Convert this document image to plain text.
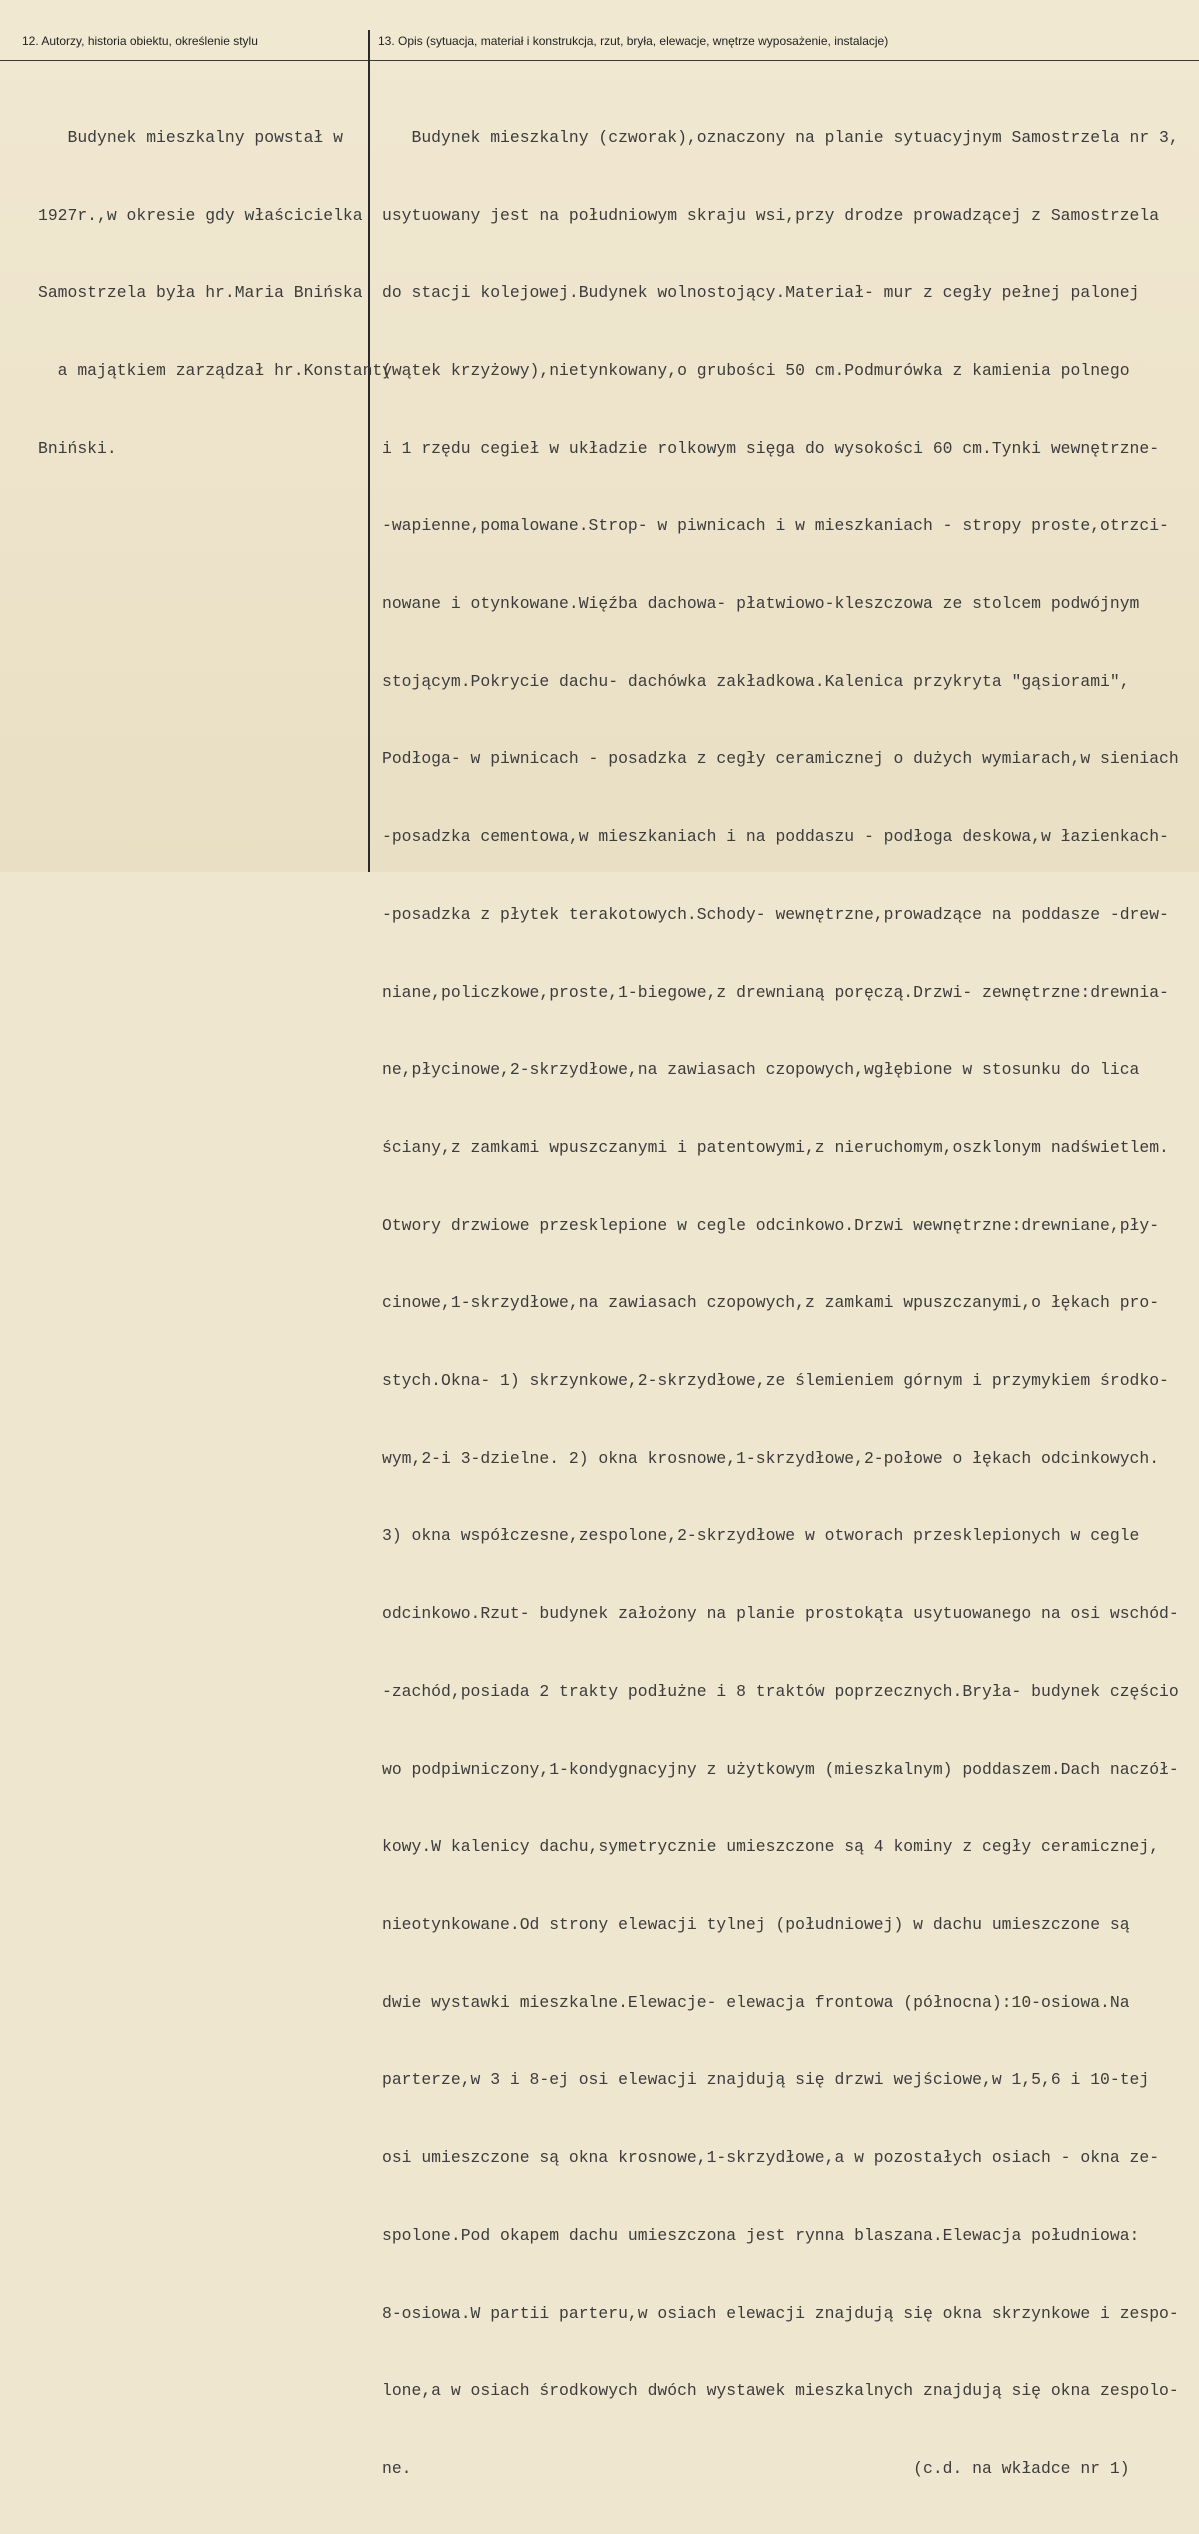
12. Autorzy, historia obiektu, określenie stylu	13. Opis (sytuacja, materiał i konstrukcja, rzut, bryła, elewacje, wnętrze wyposażenie, instalacje)

Budynek mieszkalny powstał w

1927r.,w okresie gdy właścicielka

Samostrzela była hr.Maria Bnińska

a majątkiem zarządzał hr.Konstanty

Bniński.

Budynek mieszkalny (czworak),oznaczony na planie sytuacyjnym Samostrzela nr 3,

usytuowany jest na południowym skraju wsi,przy drodze prowadzącej z Samostrzela

do stacji kolejowej.Budynek wolnostojący.Materiał- mur z cegły pełnej palonej

(wątek krzyżowy),nietynkowany,o grubości 50 cm.Podmurówka z kamienia polnego

i 1 rzędu cegieł w układzie rolkowym sięga do wysokości 60 cm.Tynki wewnętrzne-

-wapienne,pomalowane.Strop- w piwnicach i w mieszkaniach - stropy proste,otrzci-

nowane i otynkowane.Więźba dachowa- płatwiowo-kleszczowa ze stolcem podwójnym

stojącym.Pokrycie dachu- dachówka zakładkowa.Kalenica przykryta "gąsiorami",

Podłoga- w piwnicach - posadzka z cegły ceramicznej o dużych wymiarach,w sieniach

-posadzka cementowa,w mieszkaniach i na poddaszu - podłoga deskowa,w łazienkach-

-posadzka z płytek terakotowych.Schody- wewnętrzne,prowadzące na poddasze -drew-

niane,policzkowe,proste,1-biegowe,z drewnianą poręczą.Drzwi- zewnętrzne:drewnia-

ne,płycinowe,2-skrzydłowe,na zawiasach czopowych,wgłębione w stosunku do lica

ściany,z zamkami wpuszczanymi i patentowymi,z nieruchomym,oszklonym nadświetlem.

Otwory drzwiowe przesklepione w cegle odcinkowo.Drzwi wewnętrzne:drewniane,pły-

cinowe,1-skrzydłowe,na zawiasach czopowych,z zamkami wpuszczanymi,o łękach pro-

stych.Okna- 1) skrzynkowe,2-skrzydłowe,ze ślemieniem górnym i przymykiem środko-

wym,2-i 3-dzielne. 2) okna krosnowe,1-skrzydłowe,2-połowe o łękach odcinkowych.

3) okna współczesne,zespolone,2-skrzydłowe w otworach przesklepionych w cegle

odcinkowo.Rzut- budynek założony na planie prostokąta usytuowanego na osi wschód-

-zachód,posiada 2 trakty podłużne i 8 traktów poprzecznych.Bryła- budynek częścio

wo podpiwniczony,1-kondygnacyjny z użytkowym (mieszkalnym) poddaszem.Dach naczół-

kowy.W kalenicy dachu,symetrycznie umieszczone są 4 kominy z cegły ceramicznej,

nieotynkowane.Od strony elewacji tylnej (południowej) w dachu umieszczone są

dwie wystawki mieszkalne.Elewacje- elewacja frontowa (północna):10-osiowa.Na

parterze,w 3 i 8-ej osi elewacji znajdują się drzwi wejściowe,w 1,5,6 i 10-tej

osi umieszczone są okna krosnowe,1-skrzydłowe,a w pozostałych osiach - okna ze-

spolone.Pod okapem dachu umieszczona jest rynna blaszana.Elewacja południowa:

8-osiowa.W partii parteru,w osiach elewacji znajdują się okna skrzynkowe i zespo-

lone,a w osiach środkowych dwóch wystawek mieszkalnych znajdują się okna zespolo-

ne.                                                   (c.d. na wkładce nr 1)
